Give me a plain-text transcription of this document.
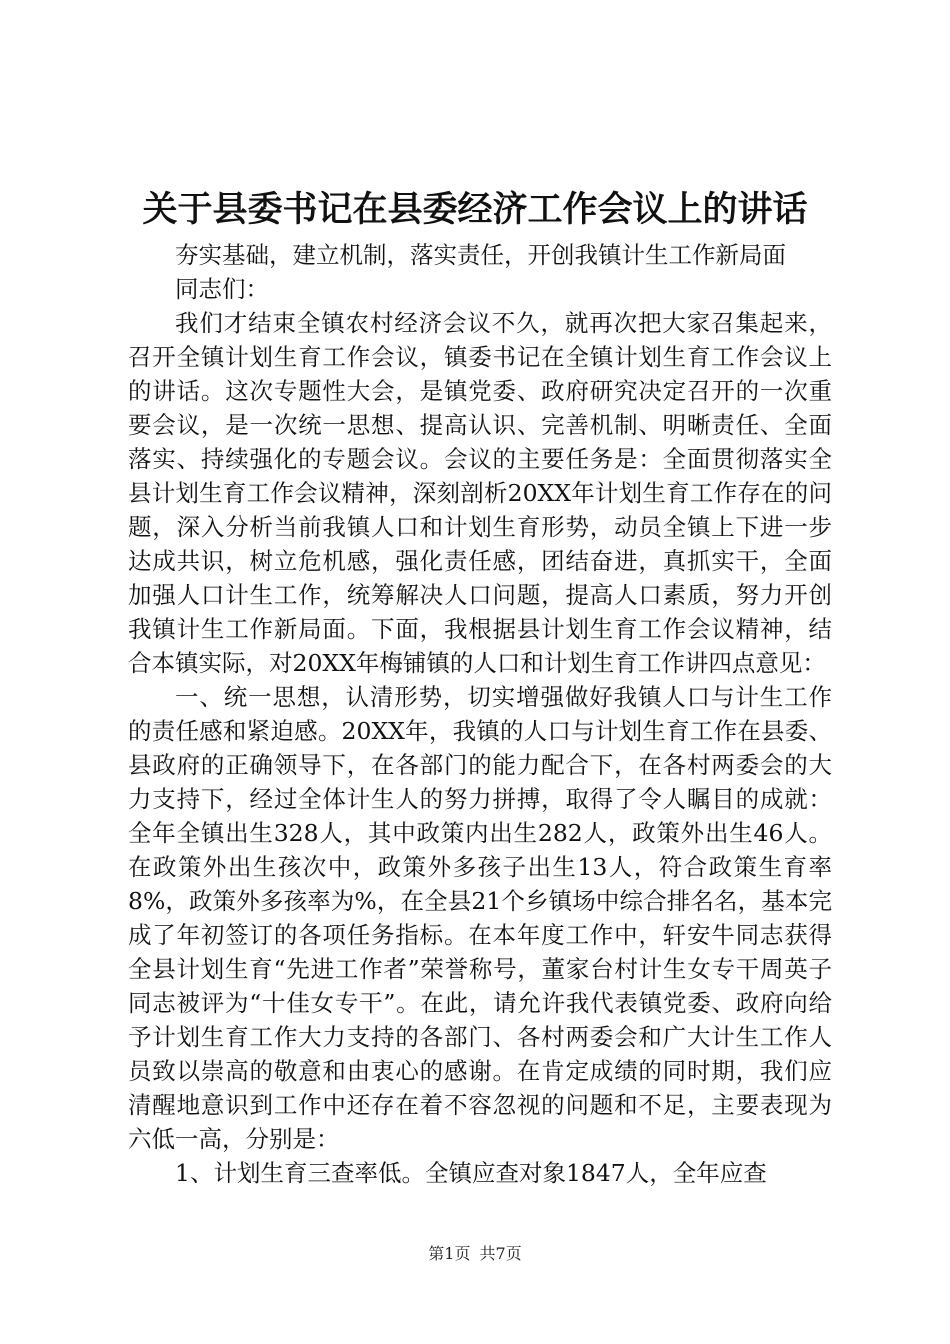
关于县委书记在县委经济工作会议上的讲话

夯实基础，建立机制，落实责任，开创我镇计生工作新局面

同志们：

我们才结束全镇农村经济会议不久，就再次把大家召集起来，召开全镇计划生育工作会议，镇委书记在全镇计划生育工作会议上的讲话。这次专题性大会，是镇党委、政府研究决定召开的一次重要会议，是一次统一思想、提高认识、完善机制、明晰责任、全面落实、持续强化的专题会议。会议的主要任务是：全面贯彻落实全县计划生育工作会议精神，深刻剖析20XX年计划生育工作存在的问题，深入分析当前我镇人口和计划生育形势，动员全镇上下进一步达成共识，树立危机感，强化责任感，团结奋进，真抓实干，全面加强人口计生工作，统筹解决人口问题，提高人口素质，努力开创我镇计生工作新局面。下面，我根据县计划生育工作会议精神，结合本镇实际，对20XX年梅铺镇的人口和计划生育工作讲四点意见：

一、统一思想，认清形势，切实增强做好我镇人口与计生工作的责任感和紧迫感。20XX年，我镇的人口与计划生育工作在县委、县政府的正确领导下，在各部门的能力配合下，在各村两委会的大力支持下，经过全体计生人的努力拼搏，取得了令人瞩目的成就：全年全镇出生328人，其中政策内出生282人，政策外出生46人。在政策外出生孩次中，政策外多孩子出生13人，符合政策生育率8%，政策外多孩率为%，在全县21个乡镇场中综合排名名，基本完成了年初签订的各项任务指标。在本年度工作中，轩安牛同志获得全县计划生育“先进工作者”荣誉称号，董家台村计生女专干周英子同志被评为“十佳女专干”。在此，请允许我代表镇党委、政府向给予计划生育工作大力支持的各部门、各村两委会和广大计生工作人员致以崇高的敬意和由衷心的感谢。在肯定成绩的同时期，我们应清醒地意识到工作中还存在着不容忽视的问题和不足，主要表现为六低一高，分别是：

1、计划生育三查率低。全镇应查对象1847人，全年应查

第1页 共7页
